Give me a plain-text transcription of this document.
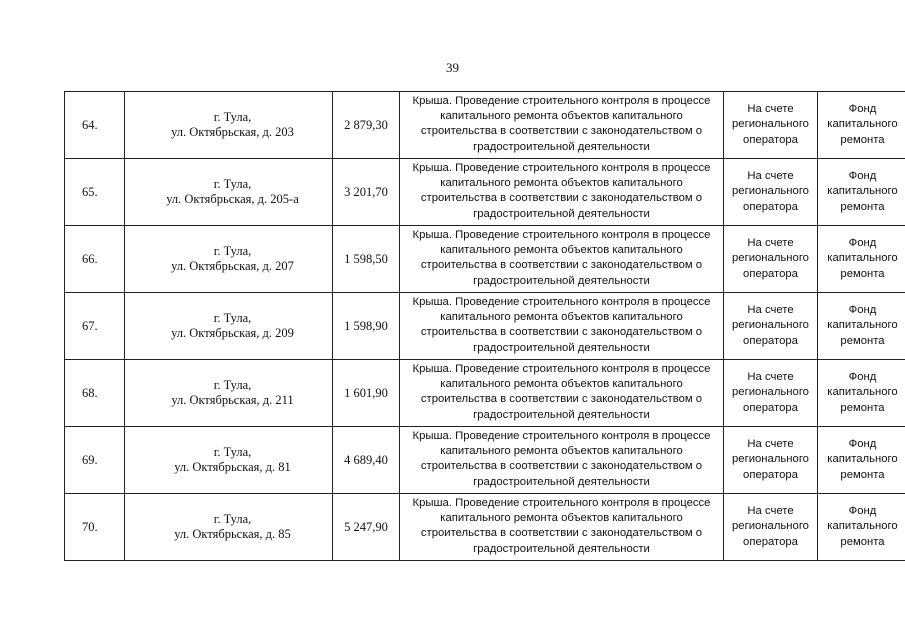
39
64.	г. Тула,
ул. Октябрьская, д. 203	2 879,30	Крыша. Проведение строительного контроля в процессе
капитального ремонта объектов капитального
строительства в соответствии с законодательством о
градостроительной деятельности	На счете
регионального
оператора	Фонд
капитального
ремонта

65.	г. Тула,
ул. Октябрьская, д. 205-а	3 201,70	Крыша. Проведение строительного контроля в процессе
капитального ремонта объектов капитального
строительства в соответствии с законодательством о
градостроительной деятельности	На счете
регионального
оператора	Фонд
капитального
ремонта

66.	г. Тула,
ул. Октябрьская, д. 207	1 598,50	Крыша. Проведение строительного контроля в процессе
капитального ремонта объектов капитального
строительства в соответствии с законодательством о
градостроительной деятельности	На счете
регионального
оператора	Фонд
капитального
ремонта

67.	г. Тула,
ул. Октябрьская, д. 209	1 598,90	Крыша. Проведение строительного контроля в процессе
капитального ремонта объектов капитального
строительства в соответствии с законодательством о
градостроительной деятельности	На счете
регионального
оператора	Фонд
капитального
ремонта

68.	г. Тула,
ул. Октябрьская, д. 211	1 601,90	Крыша. Проведение строительного контроля в процессе
капитального ремонта объектов капитального
строительства в соответствии с законодательством о
градостроительной деятельности	На счете
регионального
оператора	Фонд
капитального
ремонта

69.	г. Тула,
ул. Октябрьская, д. 81	4 689,40	Крыша. Проведение строительного контроля в процессе
капитального ремонта объектов капитального
строительства в соответствии с законодательством о
градостроительной деятельности	На счете
регионального
оператора	Фонд
капитального
ремонта

70.	г. Тула,
ул. Октябрьская, д. 85	5 247,90	Крыша. Проведение строительного контроля в процессе
капитального ремонта объектов капитального
строительства в соответствии с законодательством о
градостроительной деятельности	На счете
регионального
оператора	Фонд
капитального
ремонта
